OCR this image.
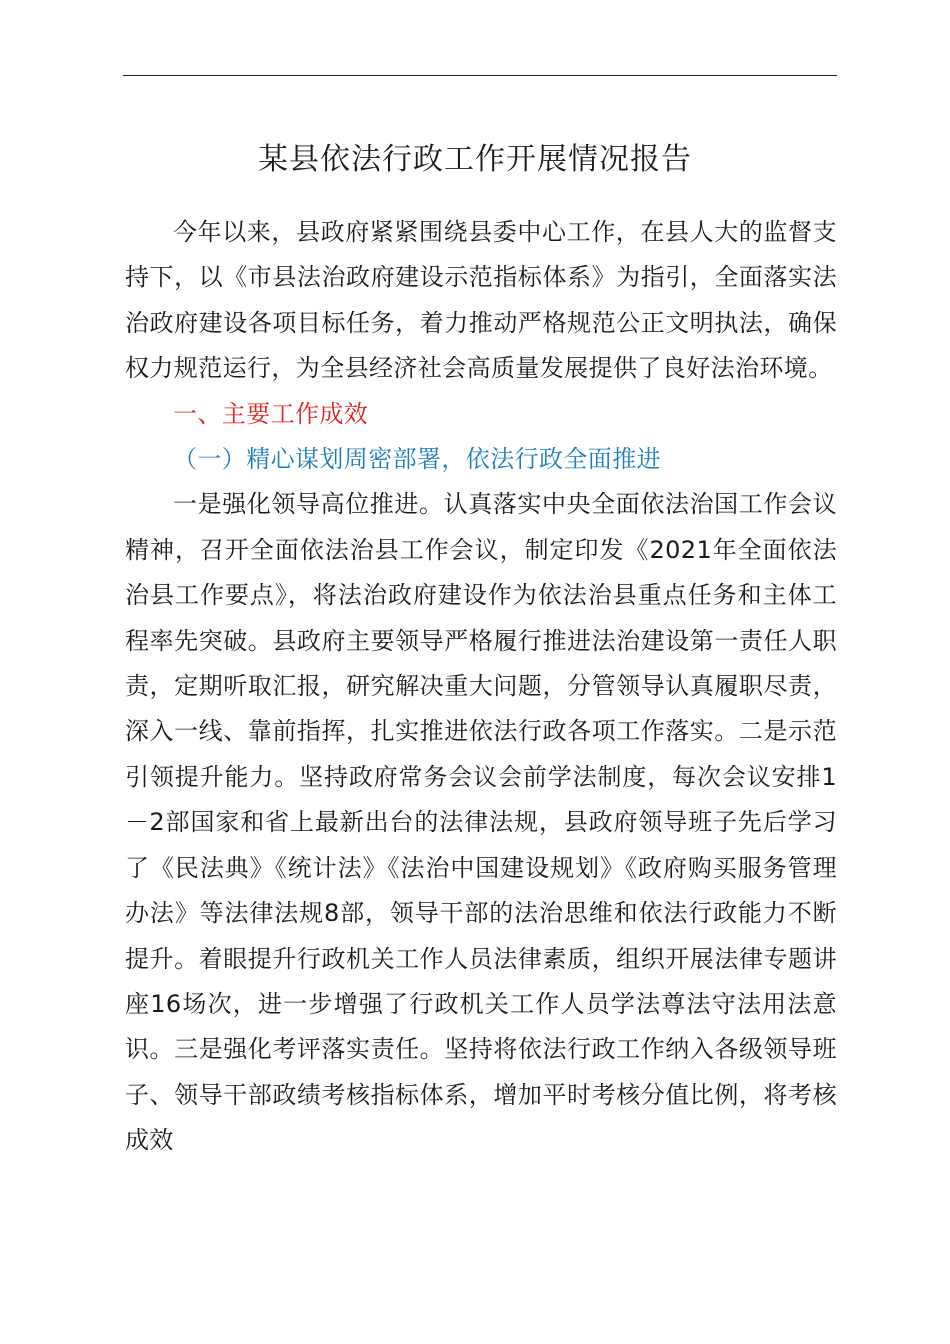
某县依法行政工作开展情况报告

今年以来，县政府紧紧围绕县委中心工作，在县人大的监督支持下，以《市县法治政府建设示范指标体系》为指引，全面落实法治政府建设各项目标任务，着力推动严格规范公正文明执法，确保权力规范运行，为全县经济社会高质量发展提供了良好法治环境。

一、主要工作成效

（一）精心谋划周密部署，依法行政全面推进

一是强化领导高位推进。认真落实中央全面依法治国工作会议精神，召开全面依法治县工作会议，制定印发《2021年全面依法治县工作要点》，将法治政府建设作为依法治县重点任务和主体工程率先突破。县政府主要领导严格履行推进法治建设第一责任人职责，定期听取汇报，研究解决重大问题，分管领导认真履职尽责，深入一线、靠前指挥，扎实推进依法行政各项工作落实。二是示范引领提升能力。坚持政府常务会议会前学法制度，每次会议安排1－2部国家和省上最新出台的法律法规，县政府领导班子先后学习了《民法典》《统计法》《法治中国建设规划》《政府购买服务管理办法》等法律法规8部，领导干部的法治思维和依法行政能力不断提升。着眼提升行政机关工作人员法律素质，组织开展法律专题讲座16场次，进一步增强了行政机关工作人员学法尊法守法用法意识。三是强化考评落实责任。坚持将依法行政工作纳入各级领导班子、领导干部政绩考核指标体系，增加平时考核分值比例，将考核成效
